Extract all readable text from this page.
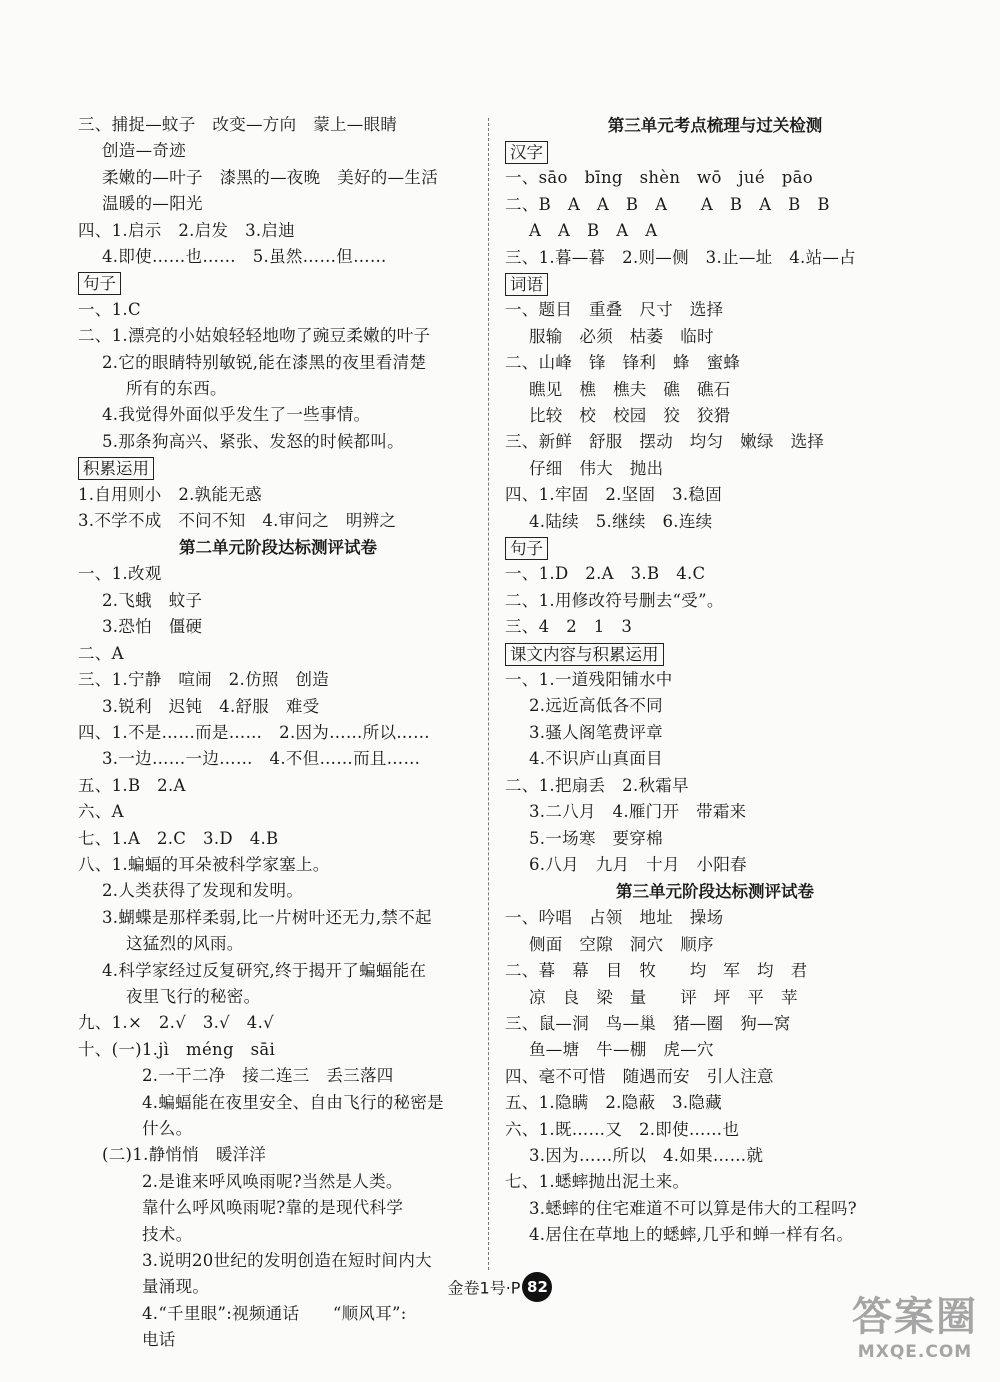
三、捕捉—蚊子　改变—方向　蒙上—眼睛
创造—奇迹
柔嫩的—叶子　漆黑的—夜晚　美好的—生活
温暖的—阳光
四、1.启示　2.启发　3.启迪
4.即使……也……　5.虽然……但……
句子
一、1.C
二、1.漂亮的小姑娘轻轻地吻了豌豆柔嫩的叶子
2.它的眼睛特别敏锐,能在漆黑的夜里看清楚
所有的东西。
4.我觉得外面似乎发生了一些事情。
5.那条狗高兴、紧张、发怒的时候都叫。
积累运用
1.自用则小　2.孰能无惑
3.不学不成　不问不知　4.审问之　明辨之
第二单元阶段达标测评试卷
一、1.改观
2.飞蛾　蚊子
3.恐怕　僵硬
二、A
三、1.宁静　喧闹　2.仿照　创造
3.锐利　迟钝　4.舒服　难受
四、1.不是……而是……　2.因为……所以……
3.一边……一边……　4.不但……而且……
五、1.B　2.A
六、A
七、1.A　2.C　3.D　4.B
八、1.蝙蝠的耳朵被科学家塞上。
2.人类获得了发现和发明。
3.蝴蝶是那样柔弱,比一片树叶还无力,禁不起
这猛烈的风雨。
4.科学家经过反复研究,终于揭开了蝙蝠能在
夜里飞行的秘密。
九、1.×　2.√　3.√　4.√
十、(一)1.jì　méng　sāi
2.一干二净　接二连三　丢三落四
4.蝙蝠能在夜里安全、自由飞行的秘密是
什么。
(二)1.静悄悄　暖洋洋
2.是谁来呼风唤雨呢?当然是人类。
靠什么呼风唤雨呢?靠的是现代科学
技术。
3.说明20世纪的发明创造在短时间内大
量涌现。
4.“千里眼”:视频通话　　“顺风耳”:
电话
第三单元考点梳理与过关检测
汉字
一、sāo　bīng　shèn　wō　jué　pāo
二、B　A　A　B　A　　A　B　A　B　B
A　A　B　A　A
三、1.暮—暮　2.则—侧　3.止—址　4.站—占
词语
一、题目　重叠　尺寸　选择
服输　必须　枯萎　临时
二、山峰　锋　锋利　蜂　蜜蜂
瞧见　樵　樵夫　礁　礁石
比较　校　校园　狡　狡猾
三、新鲜　舒服　摆动　均匀　嫩绿　选择
仔细　伟大　抛出
四、1.牢固　2.坚固　3.稳固
4.陆续　5.继续　6.连续
句子
一、1.D　2.A　3.B　4.C
二、1.用修改符号删去“受”。
三、4　2　1　3
课文内容与积累运用
一、1.一道残阳铺水中
2.远近高低各不同
3.骚人阁笔费评章
4.不识庐山真面目
二、1.把扇丢　2.秋霜早
3.二八月　4.雁门开　带霜来
5.一场寒　要穿棉
6.八月　九月　十月　小阳春
第三单元阶段达标测评试卷
一、吟唱　占领　地址　操场
侧面　空隙　洞穴　顺序
二、暮　幕　目　牧　　均　军　均　君
凉　良　梁　量　　评　坪　平　苹
三、鼠—洞　鸟—巢　猪—圈　狗—窝
鱼—塘　牛—棚　虎—穴
四、毫不可惜　随遇而安　引人注意
五、1.隐瞒　2.隐蔽　3.隐藏
六、1.既……又　2.即使……也
3.因为……所以　4.如果……就
七、1.蟋蟀抛出泥土来。
3.蟋蟀的住宅难道不可以算是伟大的工程吗?
4.居住在草地上的蟋蟀,几乎和蝉一样有名。
金卷1号·P 82
答案圈
MXQE.COM
